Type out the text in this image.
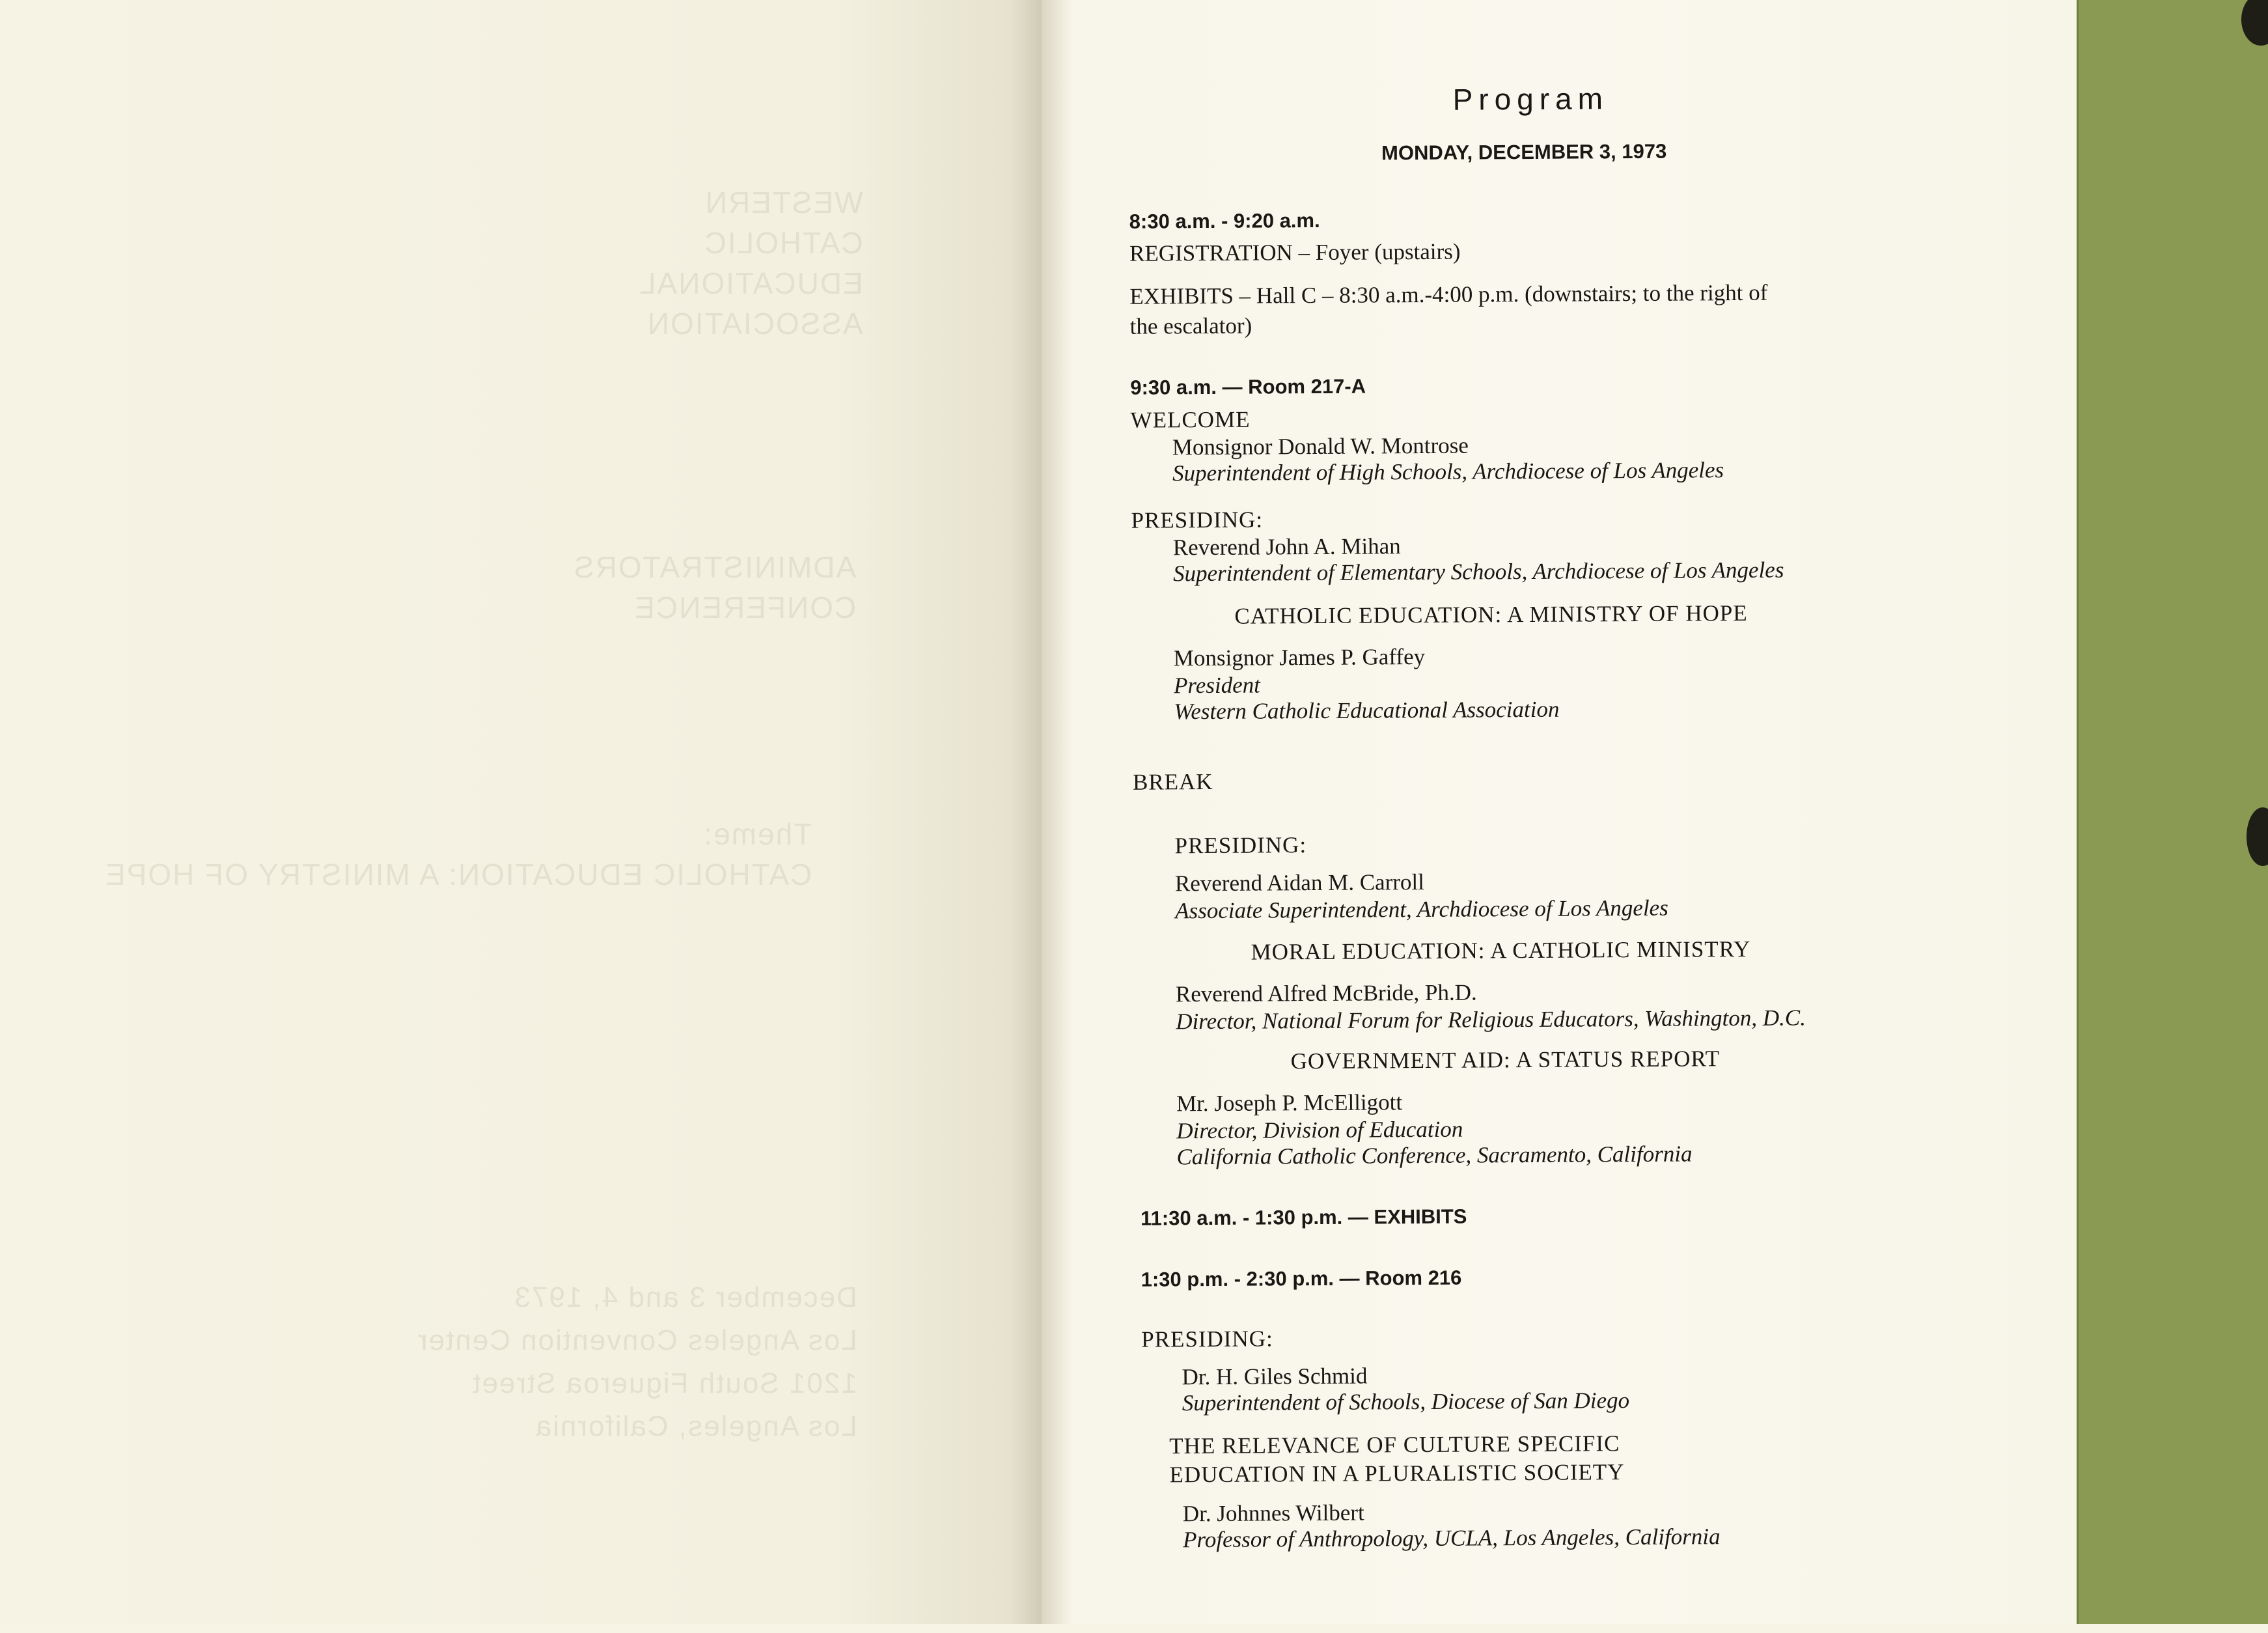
WESTERN
CATHOLIC
EDUCATIONAL
ASSOCIATION
ADMINISTRATORS
CONFERENCE
Theme:
CATHOLIC EDUCATION: A MINISTRY OF HOPE
December 3 and 4, 1973
Los Angeles Convention Center
1201 South Figueroa Street
Los Angeles, California
Program
MONDAY, DECEMBER 3, 1973
8:30 a.m. - 9:20 a.m.
REGISTRATION – Foyer (upstairs)
EXHIBITS – Hall C – 8:30 a.m.-4:00 p.m. (downstairs; to the right of
the escalator)
9:30 a.m. — Room 217-A
WELCOME
Monsignor Donald W. Montrose
Superintendent of High Schools, Archdiocese of Los Angeles
PRESIDING:
Reverend John A. Mihan
Superintendent of Elementary Schools, Archdiocese of Los Angeles
CATHOLIC EDUCATION: A MINISTRY OF HOPE
Monsignor James P. Gaffey
President
Western Catholic Educational Association
BREAK
PRESIDING:
Reverend Aidan M. Carroll
Associate Superintendent, Archdiocese of Los Angeles
MORAL EDUCATION: A CATHOLIC MINISTRY
Reverend Alfred McBride, Ph.D.
Director, National Forum for Religious Educators, Washington, D.C.
GOVERNMENT AID: A STATUS REPORT
Mr. Joseph P. McElligott
Director, Division of Education
California Catholic Conference, Sacramento, California
11:30 a.m. - 1:30 p.m. — EXHIBITS
1:30 p.m. - 2:30 p.m. — Room 216
PRESIDING:
Dr. H. Giles Schmid
Superintendent of Schools, Diocese of San Diego
THE RELEVANCE OF CULTURE SPECIFIC
EDUCATION IN A PLURALISTIC SOCIETY
Dr. Johnnes Wilbert
Professor of Anthropology, UCLA, Los Angeles, California
